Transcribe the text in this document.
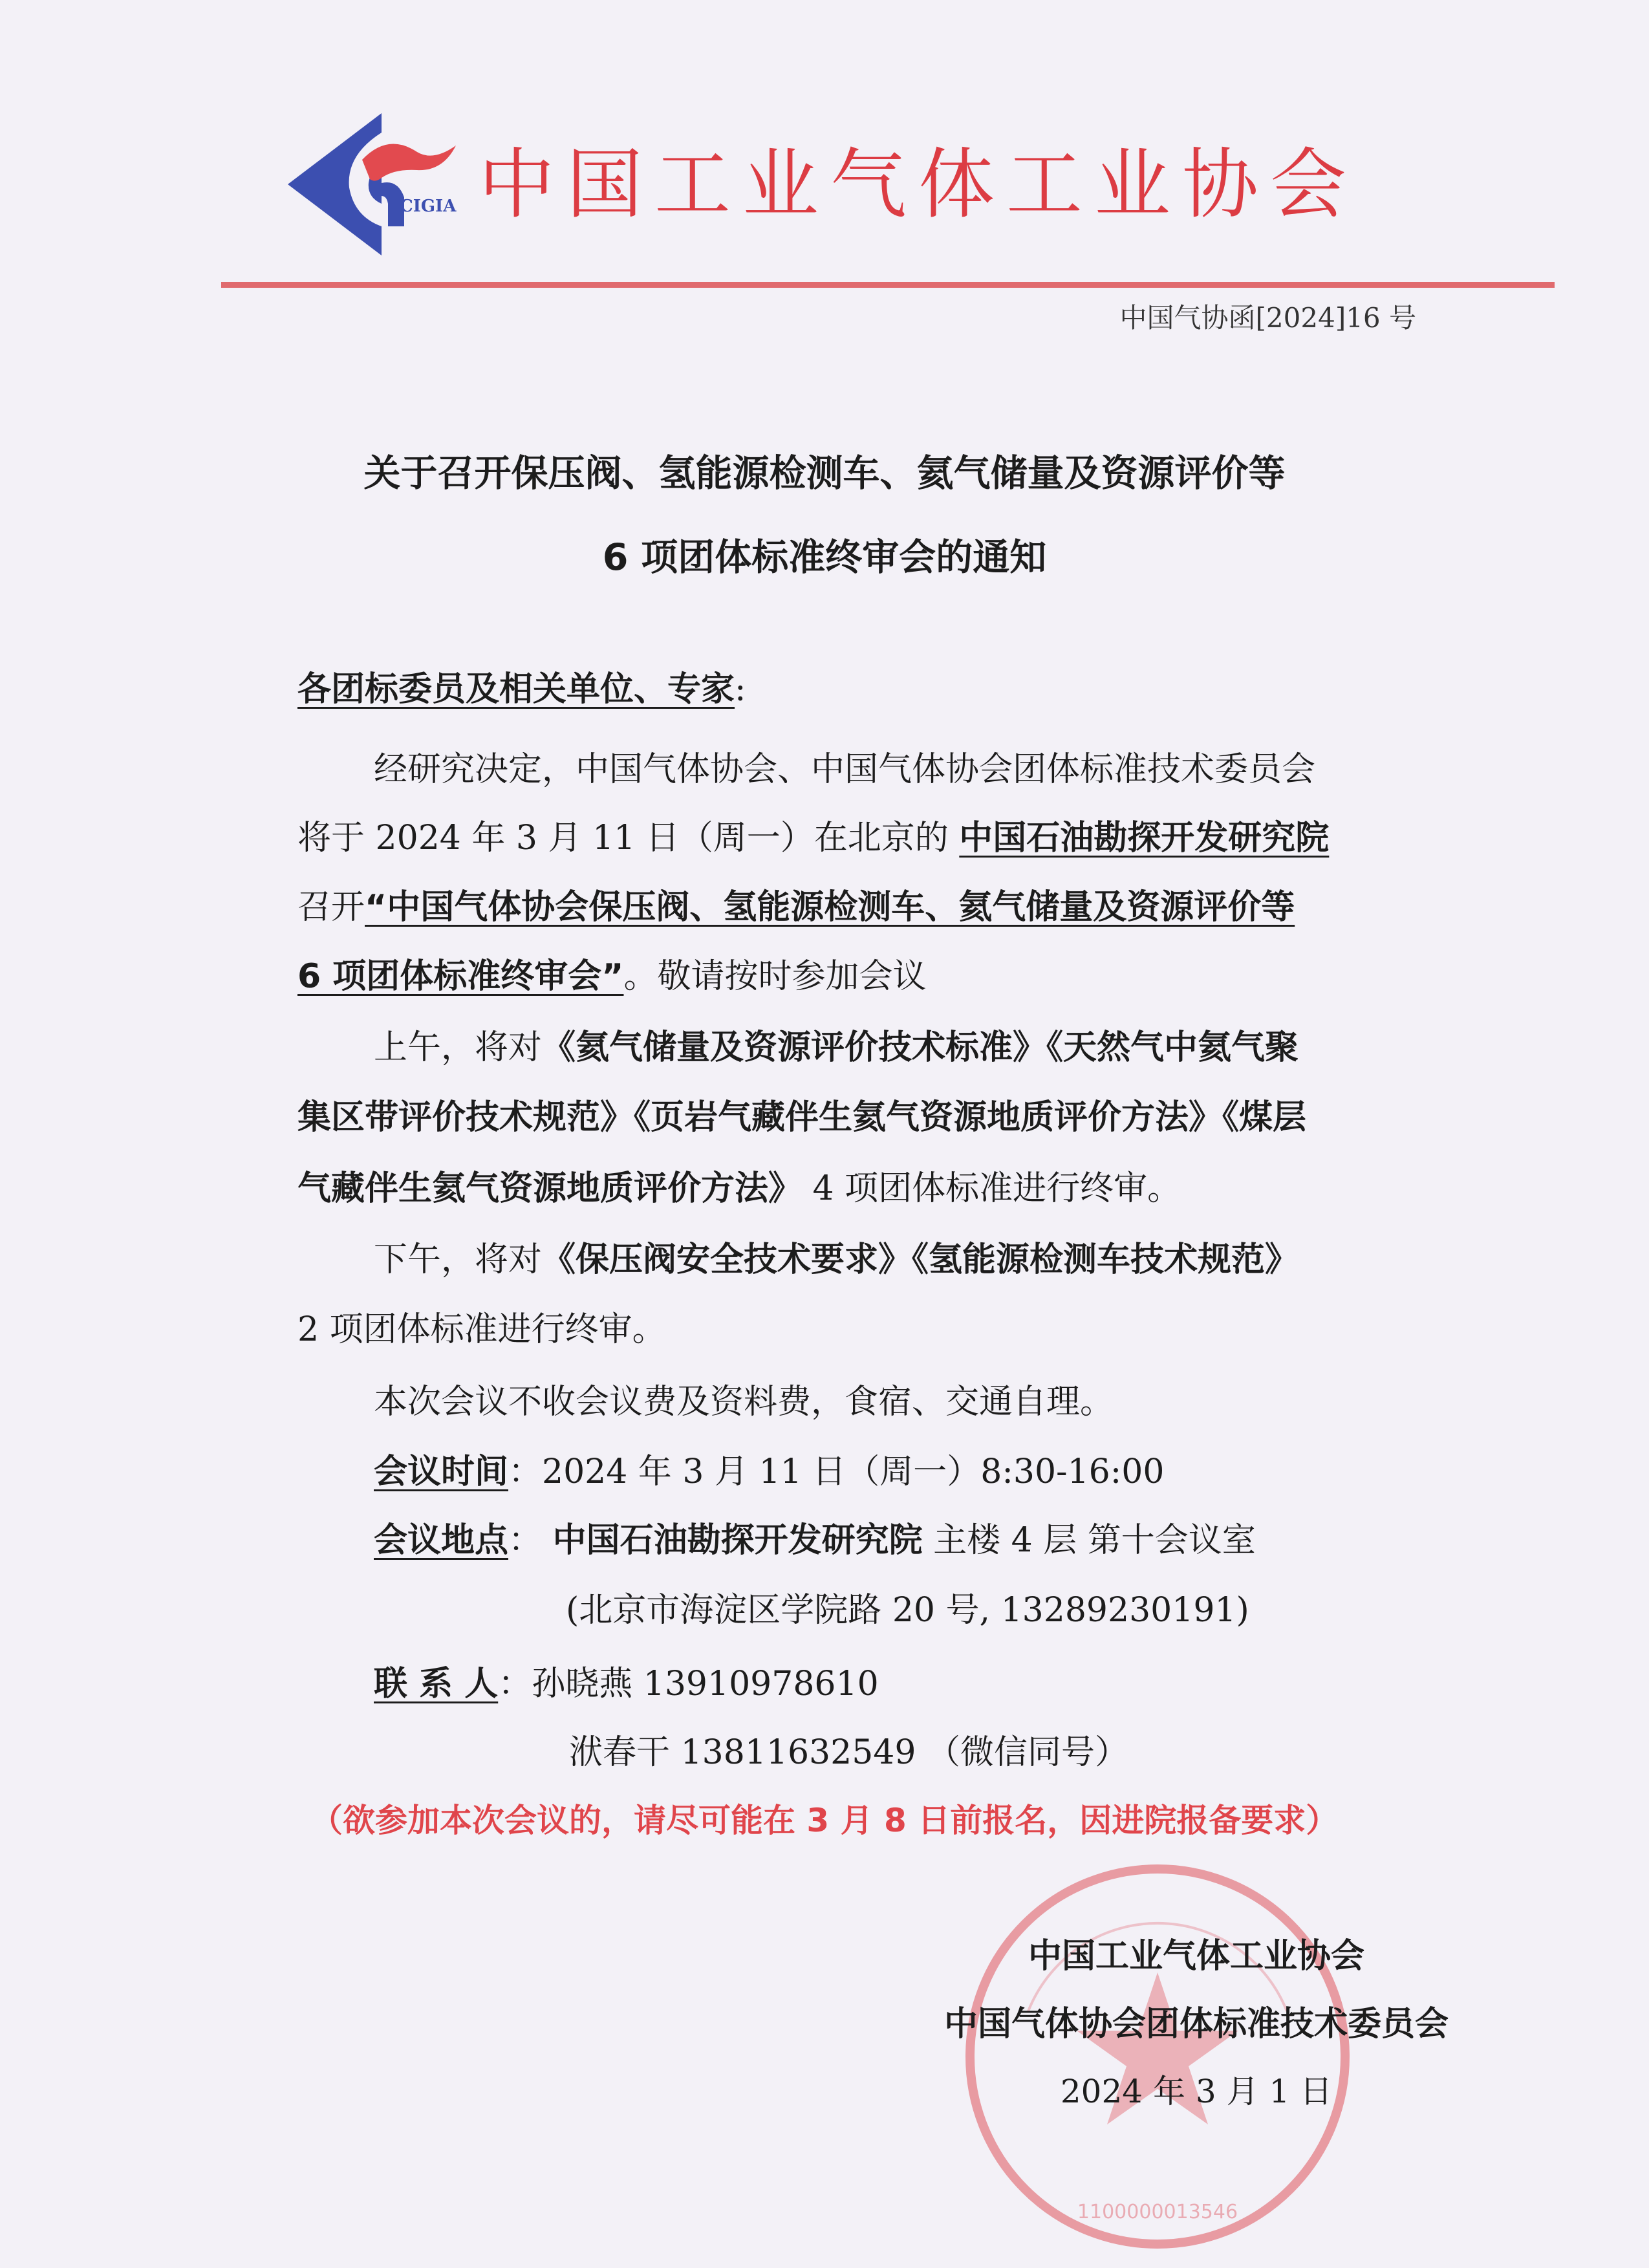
CIGIA 中国工业气体工业协会
中国气协函[2024]16 号
关于召开保压阀、氢能源检测车、氦气储量及资源评价等
6 项团体标准终审会的通知
各团标委员及相关单位、专家:
经研究决定，中国气体协会、中国气体协会团体标准技术委员会
将于 2024 年 3 月 11 日（周一）在北京的 中国石油勘探开发研究院
召开“中国气体协会保压阀、氢能源检测车、氦气储量及资源评价等
6 项团体标准终审会”。敬请按时参加会议
上午，将对《氦气储量及资源评价技术标准》《天然气中氦气聚
集区带评价技术规范》《页岩气藏伴生氦气资源地质评价方法》《煤层
气藏伴生氦气资源地质评价方法》 4 项团体标准进行终审。
下午，将对《保压阀安全技术要求》《氢能源检测车技术规范》
2 项团体标准进行终审。
本次会议不收会议费及资料费，食宿、交通自理。
会议时间：2024 年 3 月 11 日（周一）8:30-16:00
会议地点： 中国石油勘探开发研究院 主楼 4 层 第十会议室
(北京市海淀区学院路 20 号, 13289230191)
联 系 人：孙晓燕 13910978610
洑春干 13811632549 （微信同号）
（欲参加本次会议的，请尽可能在 3 月 8 日前报名，因进院报备要求）
1100000013546
中国工业气体工业协会
中国气体协会团体标准技术委员会
2024 年 3 月 1 日
